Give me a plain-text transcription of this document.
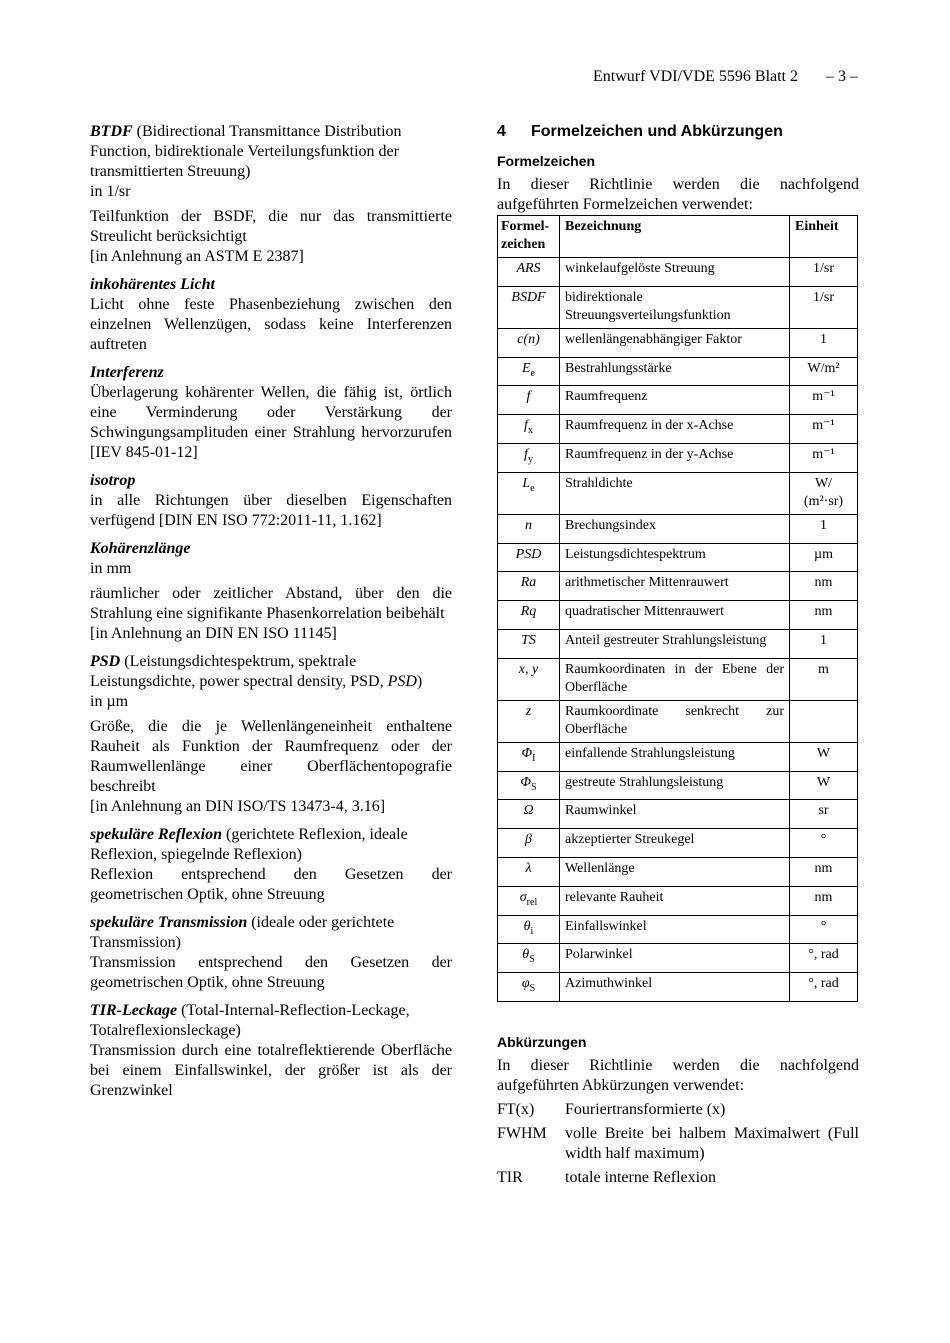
Entwurf VDI/VDE 5596 Blatt 2 – 3 –

BTDF (Bidirectional Transmittance Distribution Function, bidirektionale Verteilungsfunktion der transmittierten Streuung)

in 1/sr

Teilfunktion der BSDF, die nur das transmittierte Streulicht berücksichtigt

[in Anlehnung an ASTM E 2387]

inkohärentes Licht

Licht ohne feste Phasenbeziehung zwischen den einzelnen Wellenzügen, sodass keine Interferenzen auftreten

Interferenz

Überlagerung kohärenter Wellen, die fähig ist, örtlich eine Verminderung oder Verstärkung der Schwingungsamplituden einer Strahlung hervorzurufen [IEV 845-01-12]

isotrop

in alle Richtungen über dieselben Eigenschaften verfügend [DIN EN ISO 772:2011-11, 1.162]

Kohärenzlänge

in mm

räumlicher oder zeitlicher Abstand, über den die Strahlung eine signifikante Phasenkorrelation beibehält

[in Anlehnung an DIN EN ISO 11145]

PSD (Leistungsdichtespektrum, spektrale Leistungsdichte, power spectral density, PSD, PSD)

in µm

Größe, die die je Wellenlängeneinheit enthaltene Rauheit als Funktion der Raumfrequenz oder der Raumwellenlänge einer Oberflächentopografie beschreibt

[in Anlehnung an DIN ISO/TS 13473-4, 3.16]

spekuläre Reflexion (gerichtete Reflexion, ideale Reflexion, spiegelnde Reflexion)

Reflexion entsprechend den Gesetzen der geometrischen Optik, ohne Streuung

spekuläre Transmission (ideale oder gerichtete Transmission)

Transmission entsprechend den Gesetzen der geometrischen Optik, ohne Streuung

TIR-Leckage (Total-Internal-Reflection-Leckage, Totalreflexionsleckage)

Transmission durch eine totalreflektierende Oberfläche bei einem Einfallswinkel, der größer ist als der Grenzwinkel

4 Formelzeichen und Abkürzungen
Formelzeichen

In dieser Richtlinie werden die nachfolgend aufgeführten Formelzeichen verwendet:

Formel-zeichen	Bezeichnung	Einheit
ARS	winkelaufgelöste Streuung	1/sr
BSDF	bidirektionale Streuungsverteilungsfunktion	1/sr
c(n)	wellenlängenabhängiger Faktor	1
$E_e$	Bestrahlungsstärke	W/m²
f	Raumfrequenz	m⁻¹
$f_x$	Raumfrequenz in der x-Achse	m⁻¹
$f_y$	Raumfrequenz in der y-Achse	m⁻¹
$L_e$	Strahldichte	W/ (m²·sr)
n	Brechungsindex	1
PSD	Leistungsdichtespektrum	µm
Ra	arithmetischer Mittenrauwert	nm
Rq	quadratischer Mittenrauwert	nm
TS	Anteil gestreuter Strahlungsleistung	1
x, y	Raumkoordinaten in der Ebene der Oberfläche	m
z	Raumkoordinate senkrecht zur Oberfläche	
$\Phi_I$	einfallende Strahlungsleistung	W
$\Phi_S$	gestreute Strahlungsleistung	W
Ω	Raumwinkel	sr
β	akzeptierter Streukegel	°
λ	Wellenlänge	nm
$\sigma_{rel}$	relevante Rauheit	nm
$\theta_i$	Einfallswinkel	°
$\theta_S$	Polarwinkel	°, rad
$\varphi_S$	Azimuthwinkel	°, rad
Abkürzungen

In dieser Richtlinie werden die nachfolgend aufgeführten Abkürzungen verwendet:

FT(x)	Fouriertransformierte (x)
FWHM	volle Breite bei halbem Maximalwert (Full width half maximum)
TIR	totale interne Reflexion
